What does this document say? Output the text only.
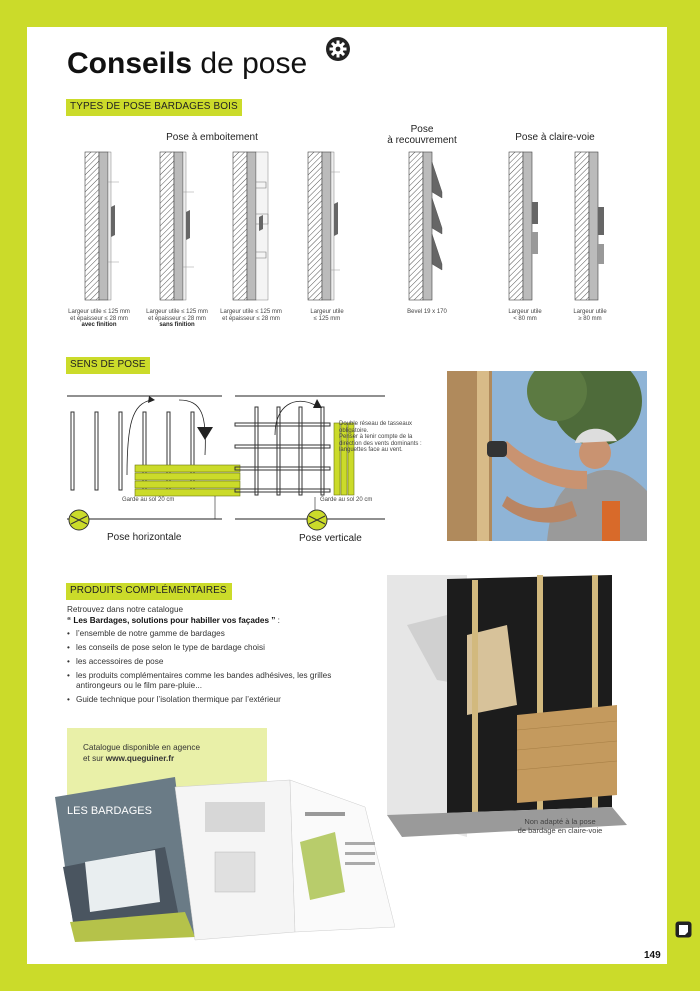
Conseils de pose
TYPES DE POSE BARDAGES BOIS
Pose à emboitement
Pose
à recouvrement	Pose à claire-voie
Largeur utile ≤ 125 mm
et épaisseur ≤ 28 mm
avec finition
Largeur utile ≤ 125 mm
et épaisseur ≤ 28 mm
sans finition
Largeur utile ≤ 125 mm
et épaisseur ≤ 28 mm
Largeur utile
≤ 125 mm
Bevel 19 x 170	Largeur utile
< 80 mm
Largeur utile
≥ 80 mm
SENS DE POSE
Garde au sol 20 cm	Garde au sol 20 cm
Pose horizontale	Pose verticale
Double réseau de tasseaux obligatoire.
Penser à tenir compte de la direction des vents dominants : languettes face au vent.
PRODUITS COMPLÉMENTAIRES
Retrouvez dans notre catalogue
“ Les Bardages, solutions pour habiller vos façades ” :
• l’ensemble de notre gamme de bardages
• les conseils de pose selon le type de bardage choisi
• les accessoires de pose
• les produits complémentaires comme les bandes adhésives, les grilles antirongeurs ou le film pare-pluie...
• Guide technique pour l’isolation thermique par l’extérieur
Catalogue disponible en agence
et sur www.queguiner.fr
LES BARDAGES
Non adapté à la pose
de bardage en claire-voie
149
